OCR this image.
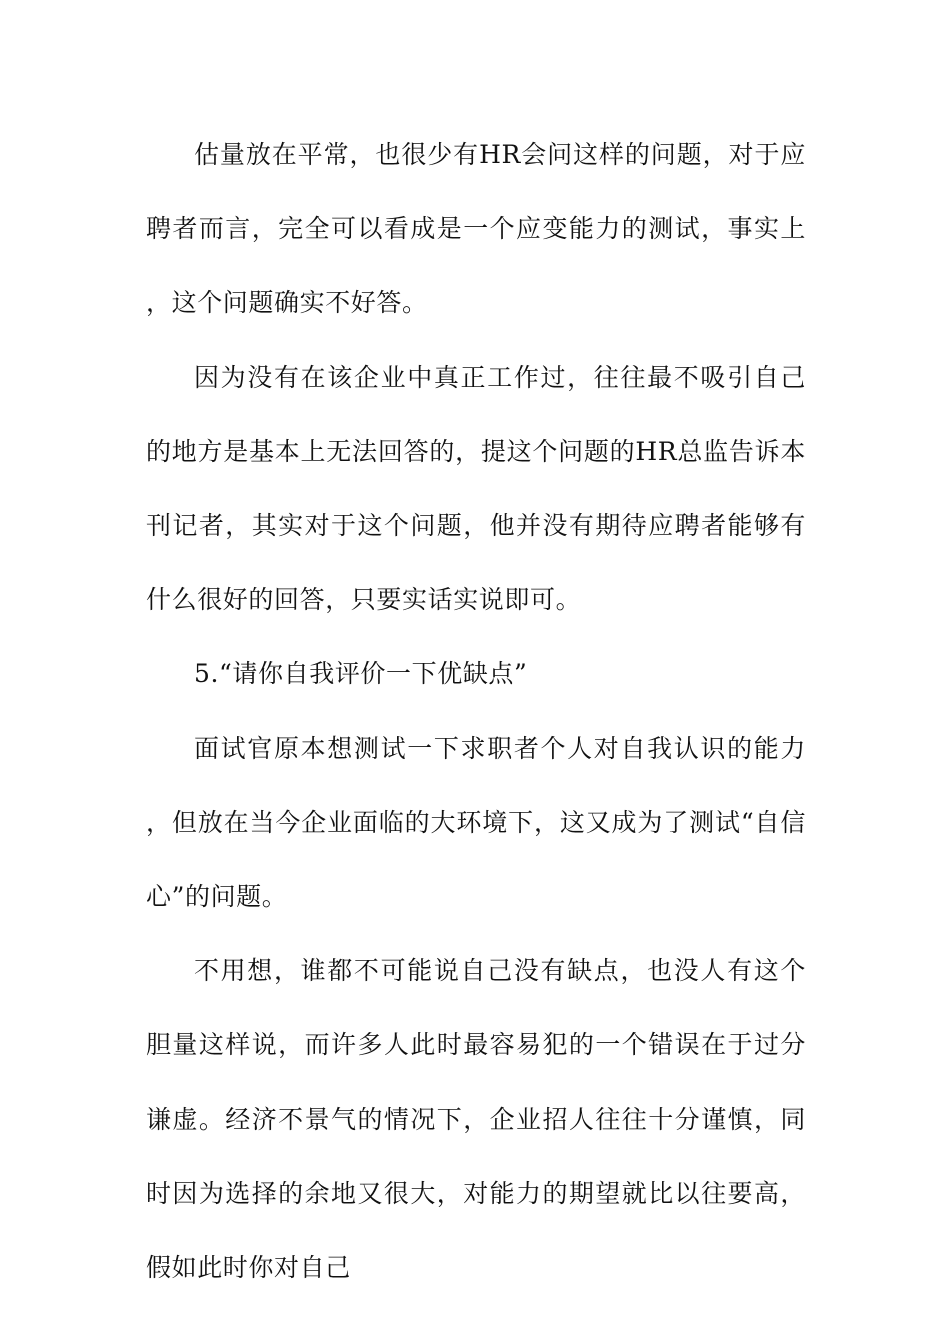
估量放在平常，也很少有HR会问这样的问题，对于应聘者而言，完全可以看成是一个应变能力的测试，事实上，这个问题确实不好答。

因为没有在该企业中真正工作过，往往最不吸引自己的地方是基本上无法回答的，提这个问题的HR总监告诉本刊记者，其实对于这个问题，他并没有期待应聘者能够有什么很好的回答，只要实话实说即可。

5.“请你自我评价一下优缺点”

面试官原本想测试一下求职者个人对自我认识的能力，但放在当今企业面临的大环境下，这又成为了测试“自信心”的问题。

不用想，谁都不可能说自己没有缺点，也没人有这个胆量这样说，而许多人此时最容易犯的一个错误在于过分谦虚。经济不景气的情况下，企业招人往往十分谨慎，同时因为选择的余地又很大，对能力的期望就比以往要高，假如此时你对自己
